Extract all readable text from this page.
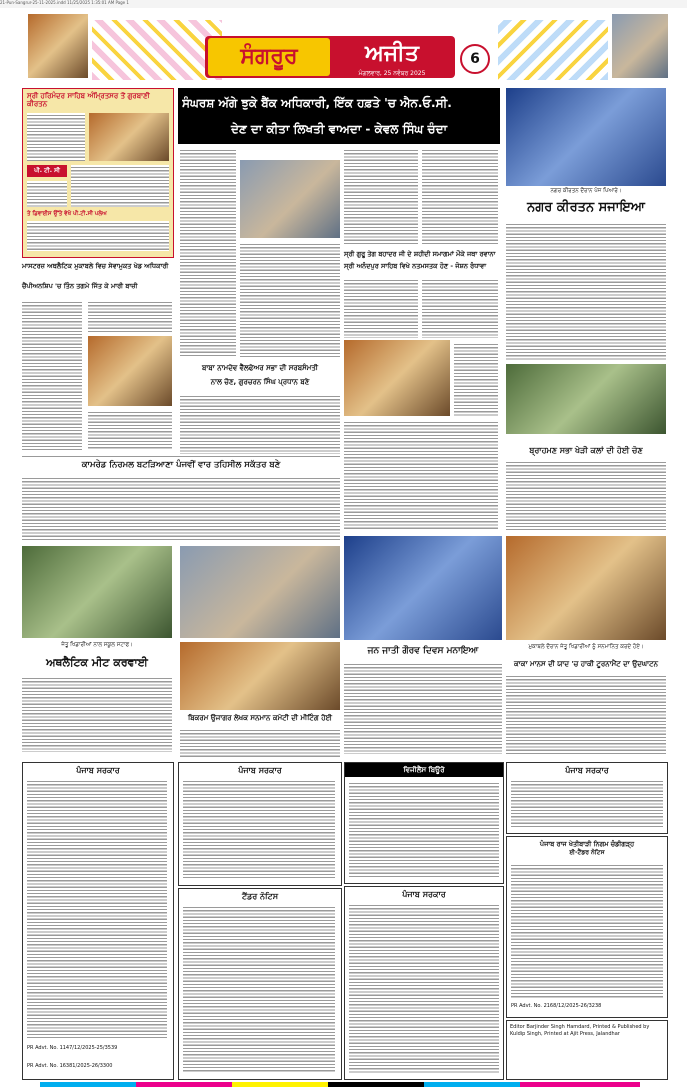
21-Pun-Sangrur-25-11-2025.indd 11/25/2025 1:35:01 AM Page 1
ਸੰਗਰੂਰ	ਅਜੀਤ
ਮੰਗਲਵਾਰ, 25 ਨਵੰਬਰ 2025
6
ਸ੍ਰੀ ਹਰਿਮੰਦਰ ਸਾਹਿਬ ਅੰਮ੍ਰਿਤਸਰ ਤੋਂ ਗੁਰਬਾਣੀ ਕੀਰਤਨ
ਪੀ. ਟੀ. ਸੀ
ਤੇ ਡਿਵਾਈਸ ਉੱਤੇ ਵੇਖੋ ਪੀ.ਟੀ.ਸੀ ਪਲੇਅ
ਸੰਘਰਸ਼ ਅੱਗੇ ਝੁਕੇ ਬੈਂਕ ਅਧਿਕਾਰੀ, ਇੱਕ ਹਫ਼ਤੇ 'ਚ ਐਨ.ਓ.ਸੀ.
ਦੇਣ ਦਾ ਕੀਤਾ ਲਿਖਤੀ ਵਾਅਦਾ - ਕੇਵਲ ਸਿੰਘ ਚੰਦਾ
ਸ੍ਰੀ ਗੁਰੂ ਤੇਗ ਬਹਾਦਰ ਜੀ ਦੇ ਸ਼ਹੀਦੀ ਸਮਾਗਮਾਂ ਮੌਕੇ ਜਥਾ ਰਵਾਨਾ
ਸ੍ਰੀ ਅਨੰਦਪੁਰ ਸਾਹਿਬ ਵਿਖੇ ਨਤਮਸਤਕ ਹੋਣ - ਜੋਸ਼ਨ ਰੰਧਾਵਾ
ਨਗਰ ਕੀਰਤਨ ਦੌਰਾਨ ਪੰਜ ਪਿਆਰੇ।
ਨਗਰ ਕੀਰਤਨ ਸਜਾਇਆ
ਮਾਸਟਰਜ਼ ਅਥਲੈਟਿਕ ਮੁਕਾਬਲੇ ਵਿਚ ਸੇਵਾਮੁਕਤ ਖੇਡ ਅਧਿਕਾਰੀ
ਚੈਂਪੀਅਨਸ਼ਿਪ 'ਚ ਤਿੰਨ ਤਗਮੇ ਜਿੱਤ ਕੇ ਮਾਰੀ ਬਾਜ਼ੀ
ਬਾਬਾ ਨਾਮਦੇਵ ਵੈੱਲਫੇਅਰ ਸਭਾ ਦੀ ਸਰਬਸੰਮਤੀ
ਨਾਲ ਚੋਣ, ਗੁਰਚਰਨ ਸਿੰਘ ਪ੍ਰਧਾਨ ਬਣੇ
ਬ੍ਰਾਹਮਣ ਸਭਾ ਖੇੜੀ ਕਲਾਂ ਦੀ ਹੋਈ ਚੋਣ
ਕਾਮਰੇਡ ਨਿਰਮਲ ਬਟੜਿਆਣਾ ਪੰਜਵੀਂ ਵਾਰ ਤਹਿਸੀਲ ਸਕੱਤਰ ਬਣੇ
ਮੁਕਾਬਲੇ ਦੌਰਾਨ ਜੇਤੂ ਖਿਡਾਰੀਆਂ ਨੂੰ ਸਨਮਾਨਿਤ ਕਰਦੇ ਹੋਏ।
ਜੇਤੂ ਖਿਡਾਰੀਆਂ ਨਾਲ ਸਕੂਲ ਸਟਾਫ।
ਅਥਲੈਟਿਕ ਮੀਟ ਕਰਵਾਈ	ਕਾਕਾ ਮਾਨਸ ਦੀ ਯਾਦ 'ਚ ਹਾਕੀ ਟੂਰਨਾਮੈਂਟ ਦਾ ਉਦਘਾਟਨ
ਜਨ ਜਾਤੀ ਗੌਰਵ ਦਿਵਸ ਮਨਾਇਆ
ਬਿਕਰਮ ਉਜਾਗਰ ਲੇਖਕ ਸਨਮਾਨ ਕਮੇਟੀ ਦੀ ਮੀਟਿੰਗ ਹੋਈ
ਪੰਜਾਬ ਸਰਕਾਰ
PR Advt. No. 1147/12/2025-25/3539
PR Advt. No. 16381/2025-26/3300
ਪੰਜਾਬ ਸਰਕਾਰ
ਟੈਂਡਰ ਨੋਟਿਸ
ਵਿਜੀਲੈਂਸ ਬਿਊਰੋ
ਪੰਜਾਬ ਸਰਕਾਰ
ਪੰਜਾਬ ਸਰਕਾਰ
ਪੰਜਾਬ ਰਾਜ ਖੇਤੀਬਾੜੀ ਨਿਗਮ ਚੰਡੀਗੜ੍ਹ
ਈ-ਟੈਂਡਰ ਨੋਟਿਸ
PR Advt. No. 2168/12/2025-26/3238
Editor Barjinder Singh Hamdard, Printed & Published by Kuldip Singh, Printed at Ajit Press, Jalandhar
